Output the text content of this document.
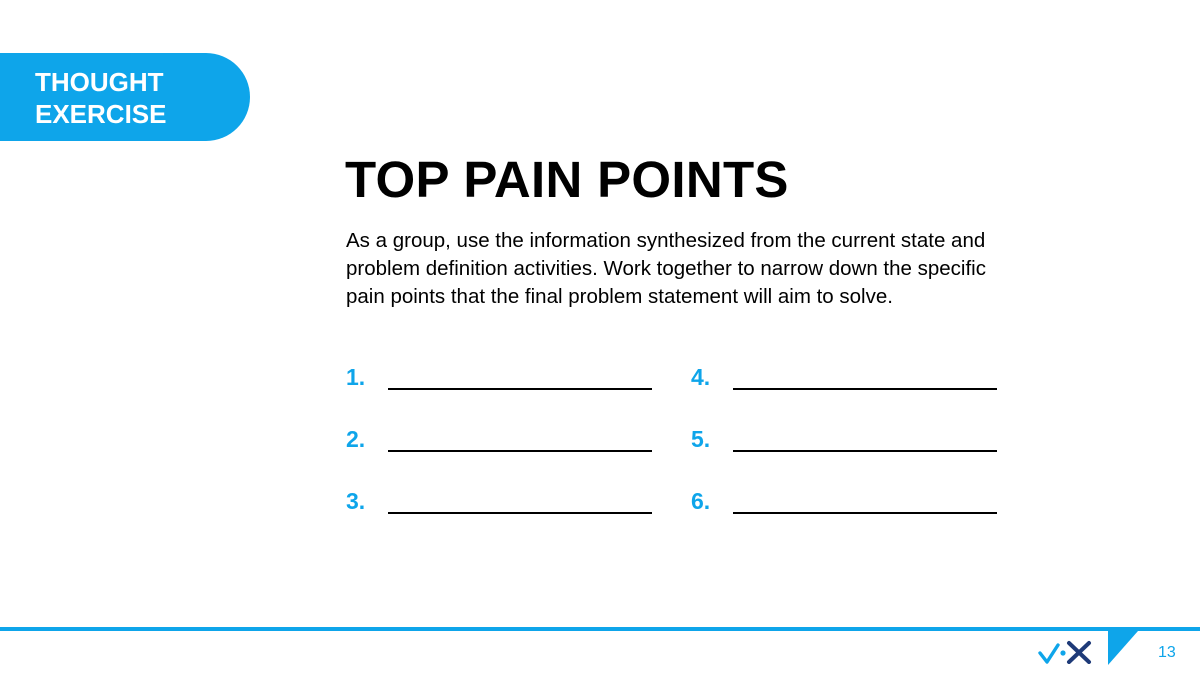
THOUGHT
EXERCISE
TOP PAIN POINTS

As a group, use the information synthesized from the current state and problem definition activities. Work together to narrow down the specific pain points that the final problem statement will aim to solve.

1.
2.
3.
4.
5.
6.
13
